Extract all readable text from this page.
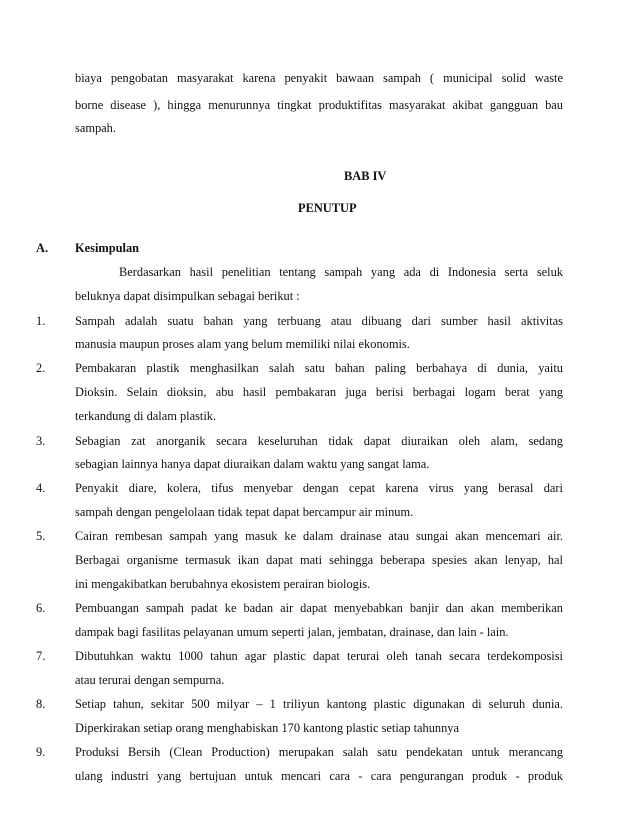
biaya pengobatan masyarakat karena penyakit bawaan sampah ( municipal solid waste
borne disease ), hingga menurunnya tingkat produktifitas masyarakat akibat gangguan bau
sampah.
BAB IV
PENUTUP
A. Kesimpulan
Berdasarkan hasil penelitian tentang sampah yang ada di Indonesia serta seluk
beluknya dapat disimpulkan sebagai berikut :
1. Sampah adalah suatu bahan yang terbuang atau dibuang dari sumber hasil aktivitas
manusia maupun proses alam yang belum memiliki nilai ekonomis.
2. Pembakaran plastik menghasilkan salah satu bahan paling berbahaya di dunia, yaitu
Dioksin. Selain dioksin, abu hasil pembakaran juga berisi berbagai logam berat yang
terkandung di dalam plastik.
3. Sebagian zat anorganik secara keseluruhan tidak dapat diuraikan oleh alam, sedang
sebagian lainnya hanya dapat diuraikan dalam waktu yang sangat lama.
4. Penyakit diare, kolera, tifus menyebar dengan cepat karena virus yang berasal dari
sampah dengan pengelolaan tidak tepat dapat bercampur air minum.
5. Cairan rembesan sampah yang masuk ke dalam drainase atau sungai akan mencemari air.
Berbagai organisme termasuk ikan dapat mati sehingga beberapa spesies akan lenyap, hal
ini mengakibatkan berubahnya ekosistem perairan biologis.
6. Pembuangan sampah padat ke badan air dapat menyebabkan banjir dan akan memberikan
dampak bagi fasilitas pelayanan umum seperti jalan, jembatan, drainase, dan lain - lain.
7. Dibutuhkan waktu 1000 tahun agar plastic dapat terurai oleh tanah secara terdekomposisi
atau terurai dengan sempurna.
8. Setiap tahun, sekitar 500 milyar – 1 triliyun kantong plastic digunakan di seluruh dunia.
Diperkirakan setiap orang menghabiskan 170 kantong plastic setiap tahunnya
9. Produksi Bersih (Clean Production) merupakan salah satu pendekatan untuk merancang
ulang industri yang bertujuan untuk mencari cara - cara pengurangan produk - produk
